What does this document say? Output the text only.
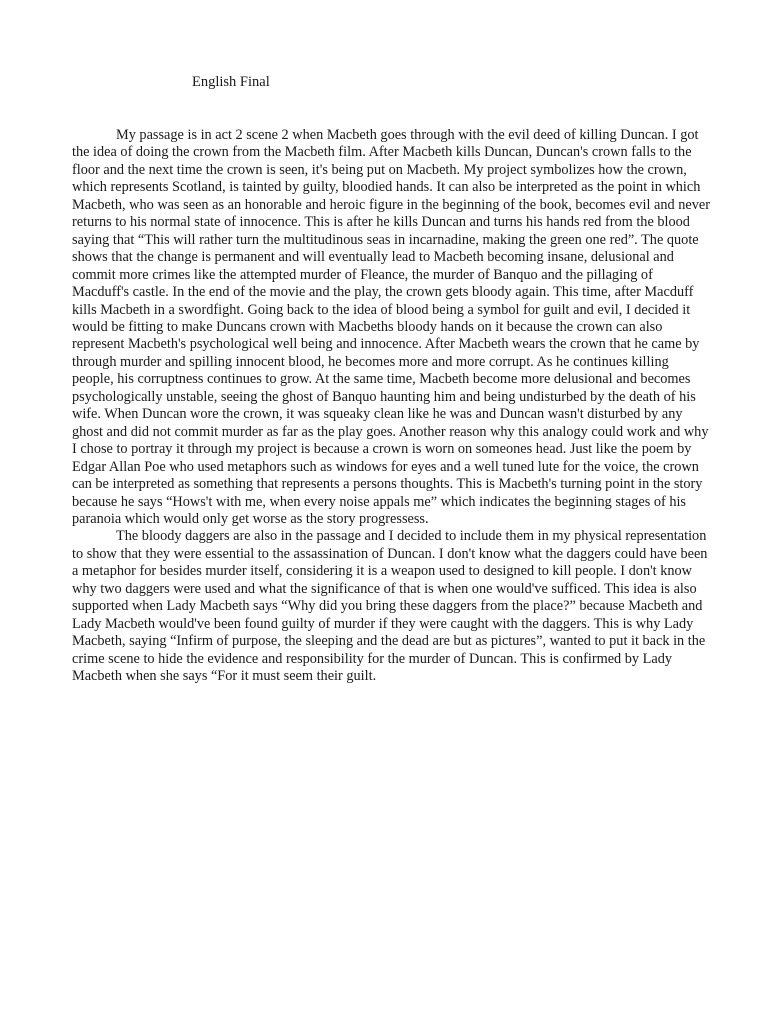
English Final

My passage is in act 2 scene 2 when Macbeth goes through with the evil deed of killing Duncan. I got the idea of doing the crown from the Macbeth film. After Macbeth kills Duncan, Duncan's crown falls to the floor and the next time the crown is seen, it's being put on Macbeth. My project symbolizes how the crown, which represents Scotland, is tainted by guilty, bloodied hands. It can also be interpreted as the point in which Macbeth, who was seen as an honorable and heroic figure in the beginning of the book, becomes evil and never returns to his normal state of innocence. This is after he kills Duncan and turns his hands red from the blood saying that “This will rather turn the multitudinous seas in incarnadine, making the green one red”. The quote shows that the change is permanent and will eventually lead to Macbeth becoming insane, delusional and commit more crimes like the attempted murder of Fleance, the murder of Banquo and the pillaging of Macduff's castle. In the end of the movie and the play, the crown gets bloody again. This time, after Macduff kills Macbeth in a swordfight. Going back to the idea of blood being a symbol for guilt and evil, I decided it would be fitting to make Duncans crown with Macbeths bloody hands on it because the crown can also represent Macbeth's psychological well being and innocence. After Macbeth wears the crown that he came by through murder and spilling innocent blood, he becomes more and more corrupt. As he continues killing people, his corruptness continues to grow. At the same time, Macbeth become more delusional and becomes psychologically unstable, seeing the ghost of Banquo haunting him and being undisturbed by the death of his wife. When Duncan wore the crown, it was squeaky clean like he was and Duncan wasn't disturbed by any ghost and did not commit murder as far as the play goes. Another reason why this analogy could work and why I chose to portray it through my project is because a crown is worn on someones head. Just like the poem by Edgar Allan Poe who used metaphors such as windows for eyes and a well tuned lute for the voice, the crown can be interpreted as something that represents a persons thoughts. This is Macbeth's turning point in the story because he says “Hows't with me, when every noise appals me” which indicates the beginning stages of his paranoia which would only get worse as the story progressess.

The bloody daggers are also in the passage and I decided to include them in my physical representation to show that they were essential to the assassination of Duncan. I don't know what the daggers could have been a metaphor for besides murder itself, considering it is a weapon used to designed to kill people. I don't know why two daggers were used and what the significance of that is when one would've sufficed. This idea is also supported when Lady Macbeth says “Why did you bring these daggers from the place?” because Macbeth and Lady Macbeth would've been found guilty of murder if they were caught with the daggers. This is why Lady Macbeth, saying “Infirm of purpose, the sleeping and the dead are but as pictures”, wanted to put it back in the crime scene to hide the evidence and responsibility for the murder of Duncan. This is confirmed by Lady Macbeth when she says “For it must seem their guilt.
